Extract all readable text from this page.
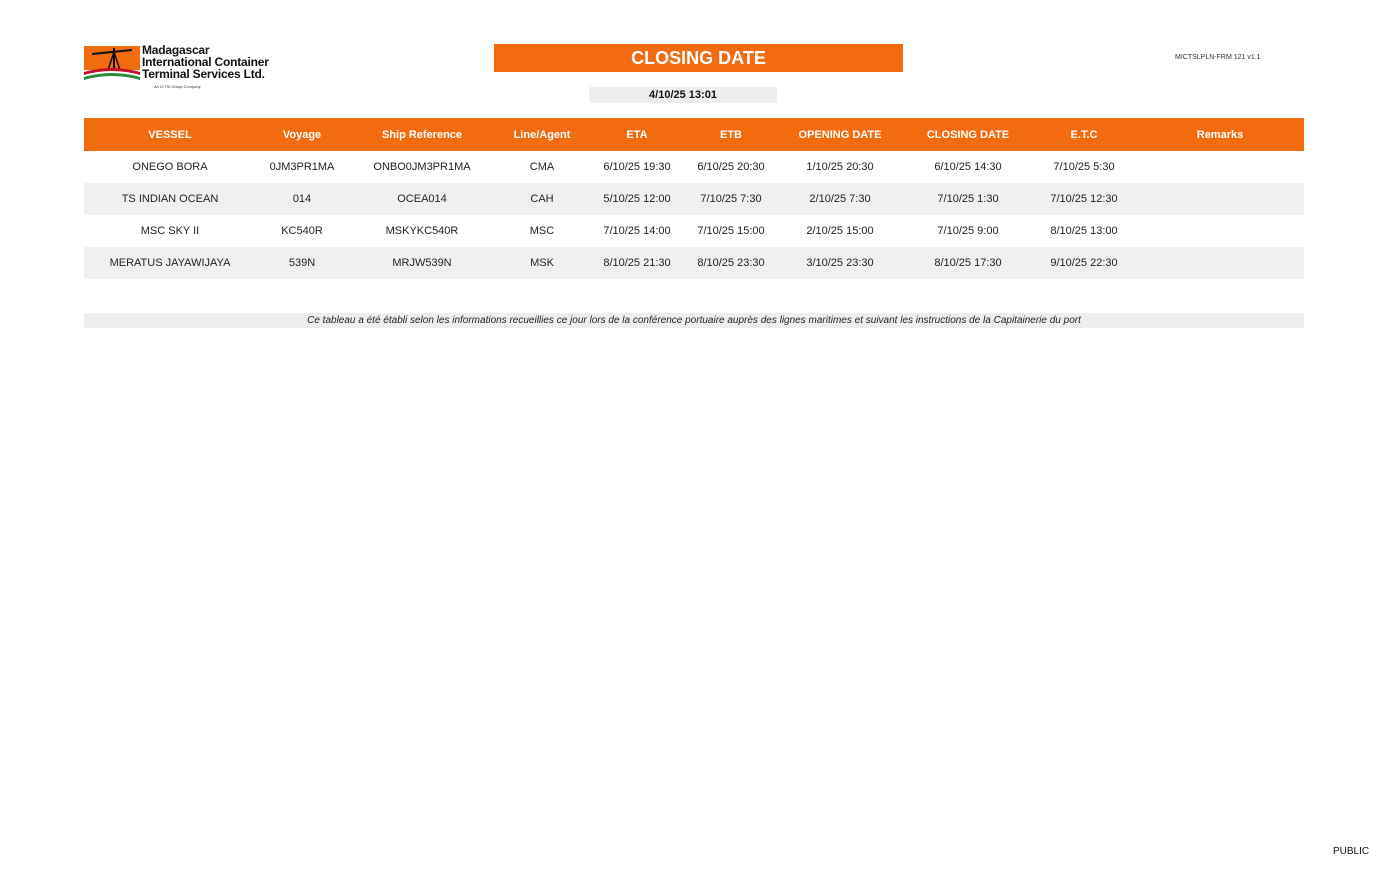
Madagascar
International Container
Terminal Services Ltd.
An ICTSI Group Company
CLOSING DATE
4/10/25 13:01
MICTSLPLN-FRM 121 v1.1
VESSEL	Voyage	Ship Reference	Line/Agent	ETA	ETB	OPENING DATE	CLOSING DATE	E.T.C	Remarks
ONEGO BORA	0JM3PR1MA	ONBO0JM3PR1MA	CMA	6/10/25 19:30	6/10/25 20:30	1/10/25 20:30	6/10/25 14:30	7/10/25 5:30
TS INDIAN OCEAN	014	OCEA014	CAH	5/10/25 12:00	7/10/25 7:30	2/10/25 7:30	7/10/25 1:30	7/10/25 12:30
MSC SKY II	KC540R	MSKYKC540R	MSC	7/10/25 14:00	7/10/25 15:00	2/10/25 15:00	7/10/25 9:00	8/10/25 13:00
MERATUS JAYAWIJAYA	539N	MRJW539N	MSK	8/10/25 21:30	8/10/25 23:30	3/10/25 23:30	8/10/25 17:30	9/10/25 22:30
Ce tableau a été établi selon les informations recueillies ce jour lors de la conférence portuaire auprès des lignes maritimes et suivant les instructions de la Capitainerie du port
PUBLIC
